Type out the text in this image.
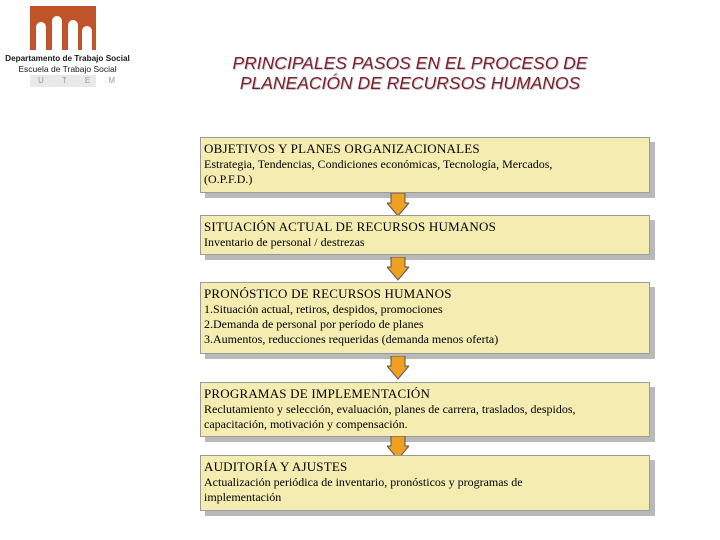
Departamento de Trabajo Social
Escuela de Trabajo Social
U T E M
PRINCIPALES PASOS EN EL PROCESO DE
PLANEACIÓN DE RECURSOS HUMANOS
OBJETIVOS Y PLANES ORGANIZACIONALES
Estrategia, Tendencias, Condiciones económicas, Tecnología, Mercados,
(O.P.F.D.)
SITUACIÓN ACTUAL DE RECURSOS HUMANOS
Inventario de personal / destrezas
PRONÓSTICO DE RECURSOS HUMANOS
1.Situación actual, retiros, despidos, promociones
2.Demanda de personal por período de planes
3.Aumentos, reducciones requeridas (demanda menos oferta)
PROGRAMAS DE IMPLEMENTACIÓN
Reclutamiento y selección, evaluación, planes de carrera, traslados, despidos,
capacitación, motivación y compensación.
AUDITORÍA Y AJUSTES
Actualización periódica de inventario, pronósticos y programas de
implementación
